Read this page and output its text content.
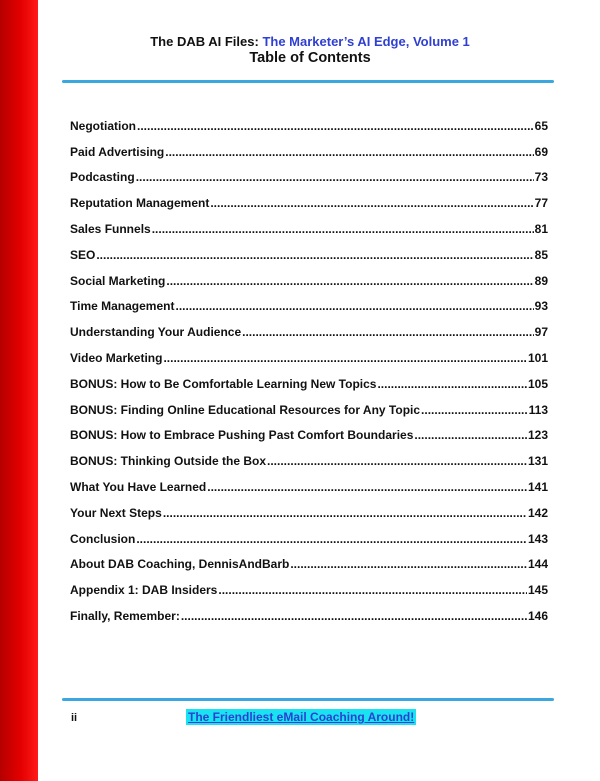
The DAB AI Files: The Marketer’s AI Edge, Volume 1
Table of Contents
Negotiation .....	65
Paid Advertising .....	69
Podcasting .....	73
Reputation Management .....	77
Sales Funnels .....	81
SEO .....	85
Social Marketing .....	89
Time Management .....	93
Understanding Your Audience .....	97
Video Marketing .....	101
BONUS: How to Be Comfortable Learning New Topics .....	105
BONUS: Finding Online Educational Resources for Any Topic .....	113
BONUS: How to Embrace Pushing Past Comfort Boundaries .....	123
BONUS: Thinking Outside the Box .....	131
What You Have Learned .....	141
Your Next Steps .....	142
Conclusion .....	143
About DAB Coaching, DennisAndBarb .....	144
Appendix 1: DAB Insiders .....	145
Finally, Remember: .....	146
ii	The Friendliest eMail Coaching Around!
